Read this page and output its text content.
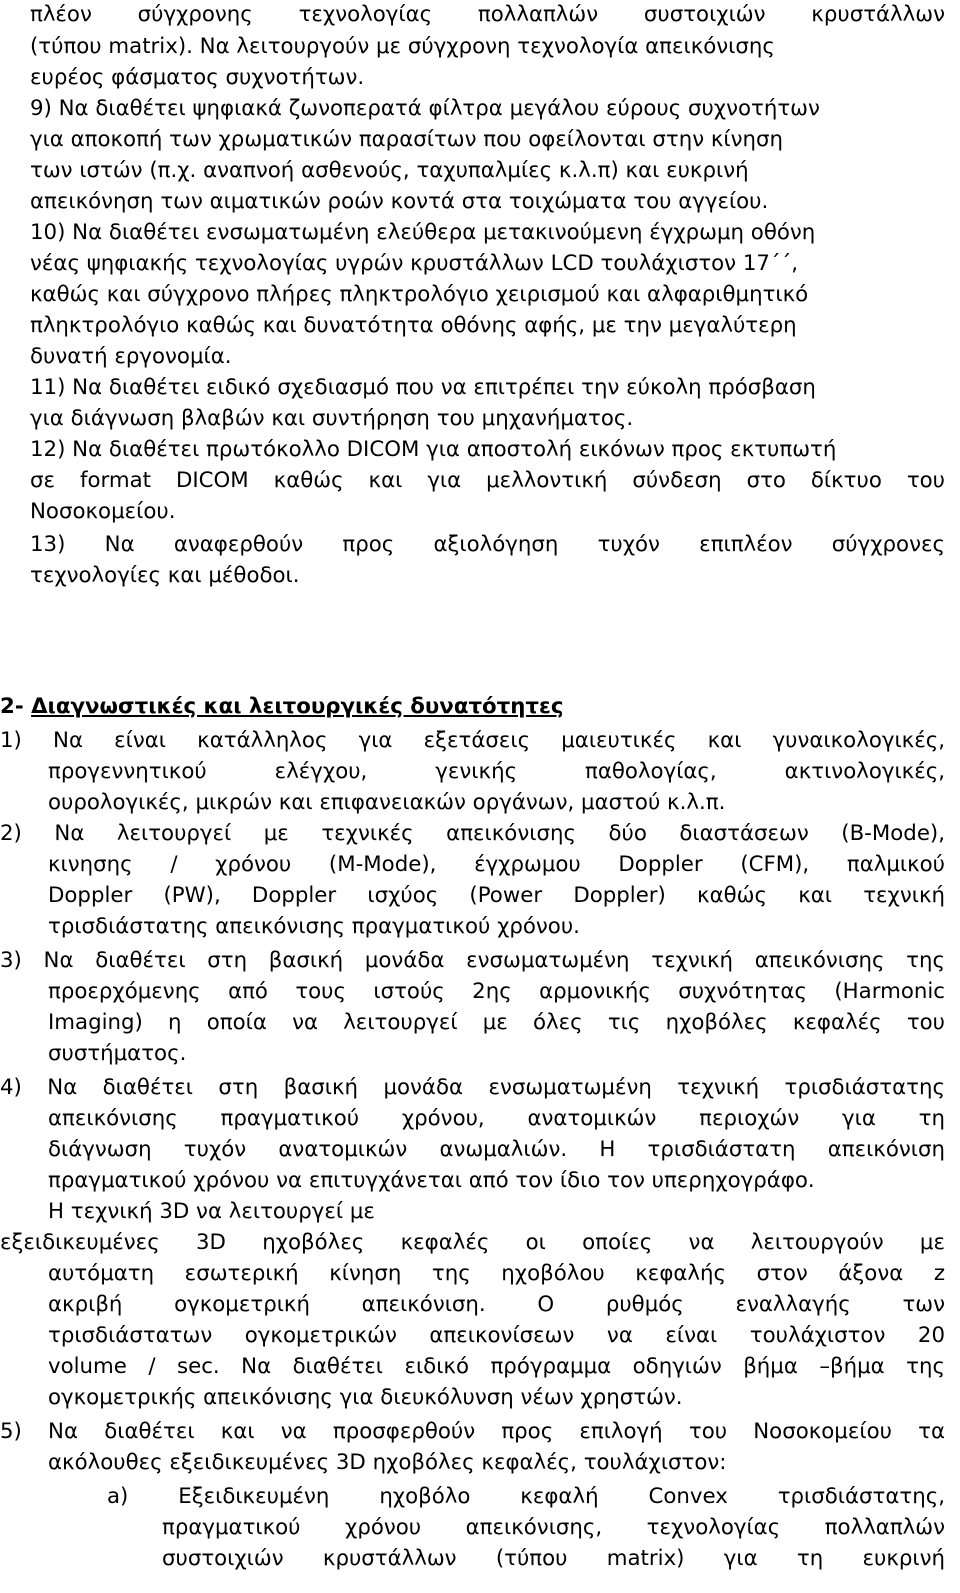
πλέον σύγχρονης τεχνολογίας πολλαπλών συστοιχιών κρυστάλλων

(τύπου matrix). Να λειτουργούν με σύγχρονη τεχνολογία απεικόνισης

ευρέος φάσματος συχνοτήτων.

9) Να διαθέτει ψηφιακά ζωνοπερατά φίλτρα μεγάλου εύρους συχνοτήτων

για αποκοπή των χρωματικών παρασίτων που οφείλονται στην κίνηση

των ιστών (π.χ. αναπνοή ασθενούς, ταχυπαλμίες κ.λ.π) και ευκρινή

απεικόνηση των αιματικών ροών κοντά στα τοιχώματα του αγγείου.

10) Να διαθέτει ενσωματωμένη ελεύθερα μετακινούμενη έγχρωμη οθόνη

νέας ψηφιακής τεχνολογίας υγρών κρυστάλλων LCD τουλάχιστον 17΄΄,

καθώς και σύγχρονο πλήρες πληκτρολόγιο χειρισμού και αλφαριθμητικό

πληκτρολόγιο καθώς και δυνατότητα οθόνης αφής, με την μεγαλύτερη

δυνατή εργονομία.

11) Να διαθέτει ειδικό σχεδιασμό που να επιτρέπει την εύκολη πρόσβαση

για διάγνωση βλαβών και συντήρηση του μηχανήματος.

12) Να διαθέτει πρωτόκολλο DICOM για αποστολή εικόνων προς εκτυπωτή

σε format DICOM καθώς και για μελλοντική σύνδεση στο δίκτυο του

Νοσοκομείου.

13) Να αναφερθούν προς αξιολόγηση τυχόν επιπλέον σύγχρονες

τεχνολογίες και μέθοδοι.

2- Διαγνωστικές και λειτουργικές δυνατότητες

1) Να είναι κατάλληλος για εξετάσεις μαιευτικές και γυναικολογικές,

προγεννητικού ελέγχου, γενικής παθολογίας, ακτινολογικές,

ουρολογικές, μικρών και επιφανειακών οργάνων, μαστού κ.λ.π.

2) Να λειτουργεί με τεχνικές απεικόνισης δύο διαστάσεων (B-Mode),

κινησης / χρόνου (M-Mode), έγχρωμου Doppler (CFM), παλμικού

Doppler (PW), Doppler ισχύος (Power Doppler) καθώς και τεχνική

τρισδιάστατης απεικόνισης πραγματικού χρόνου.

3) Να διαθέτει στη βασική μονάδα ενσωματωμένη τεχνική απεικόνισης της

προερχόμενης από τους ιστούς 2ης αρμονικής συχνότητας (Harmonic

Imaging) η οποία να λειτουργεί με όλες τις ηχοβόλες κεφαλές του

συστήματος.

4) Να διαθέτει στη βασική μονάδα ενσωματωμένη τεχνική τρισδιάστατης

απεικόνισης πραγματικού χρόνου, ανατομικών περιοχών για τη

διάγνωση τυχόν ανατομικών ανωμαλιών. Η τρισδιάστατη απεικόνιση

πραγματικού χρόνου να επιτυγχάνεται από τον ίδιο τον υπερηχογράφο.

Η τεχνική 3D να λειτουργεί με

εξειδικευμένες 3D ηχοβόλες κεφαλές οι οποίες να λειτουργούν με

αυτόματη εσωτερική κίνηση της ηχοβόλου κεφαλής στον άξονα z

ακριβή ογκομετρική απεικόνιση. Ο ρυθμός εναλλαγής των

τρισδιάστατων ογκομετρικών απεικονίσεων να είναι τουλάχιστον 20

volume / sec. Να διαθέτει ειδικό πρόγραμμα οδηγιών βήμα –βήμα της

ογκομετρικής απεικόνισης για διευκόλυνση νέων χρηστών.

5) Να διαθέτει και να προσφερθούν προς επιλογή του Νοσοκομείου τα

ακόλουθες εξειδικευμένες 3D ηχοβόλες κεφαλές, τουλάχιστον:

a) Εξειδικευμένη ηχοβόλο κεφαλή Convex τρισδιάστατης,

πραγματικού χρόνου απεικόνισης, τεχνολογίας πολλαπλών

συστοιχιών κρυστάλλων (τύπου matrix) για τη ευκρινή
